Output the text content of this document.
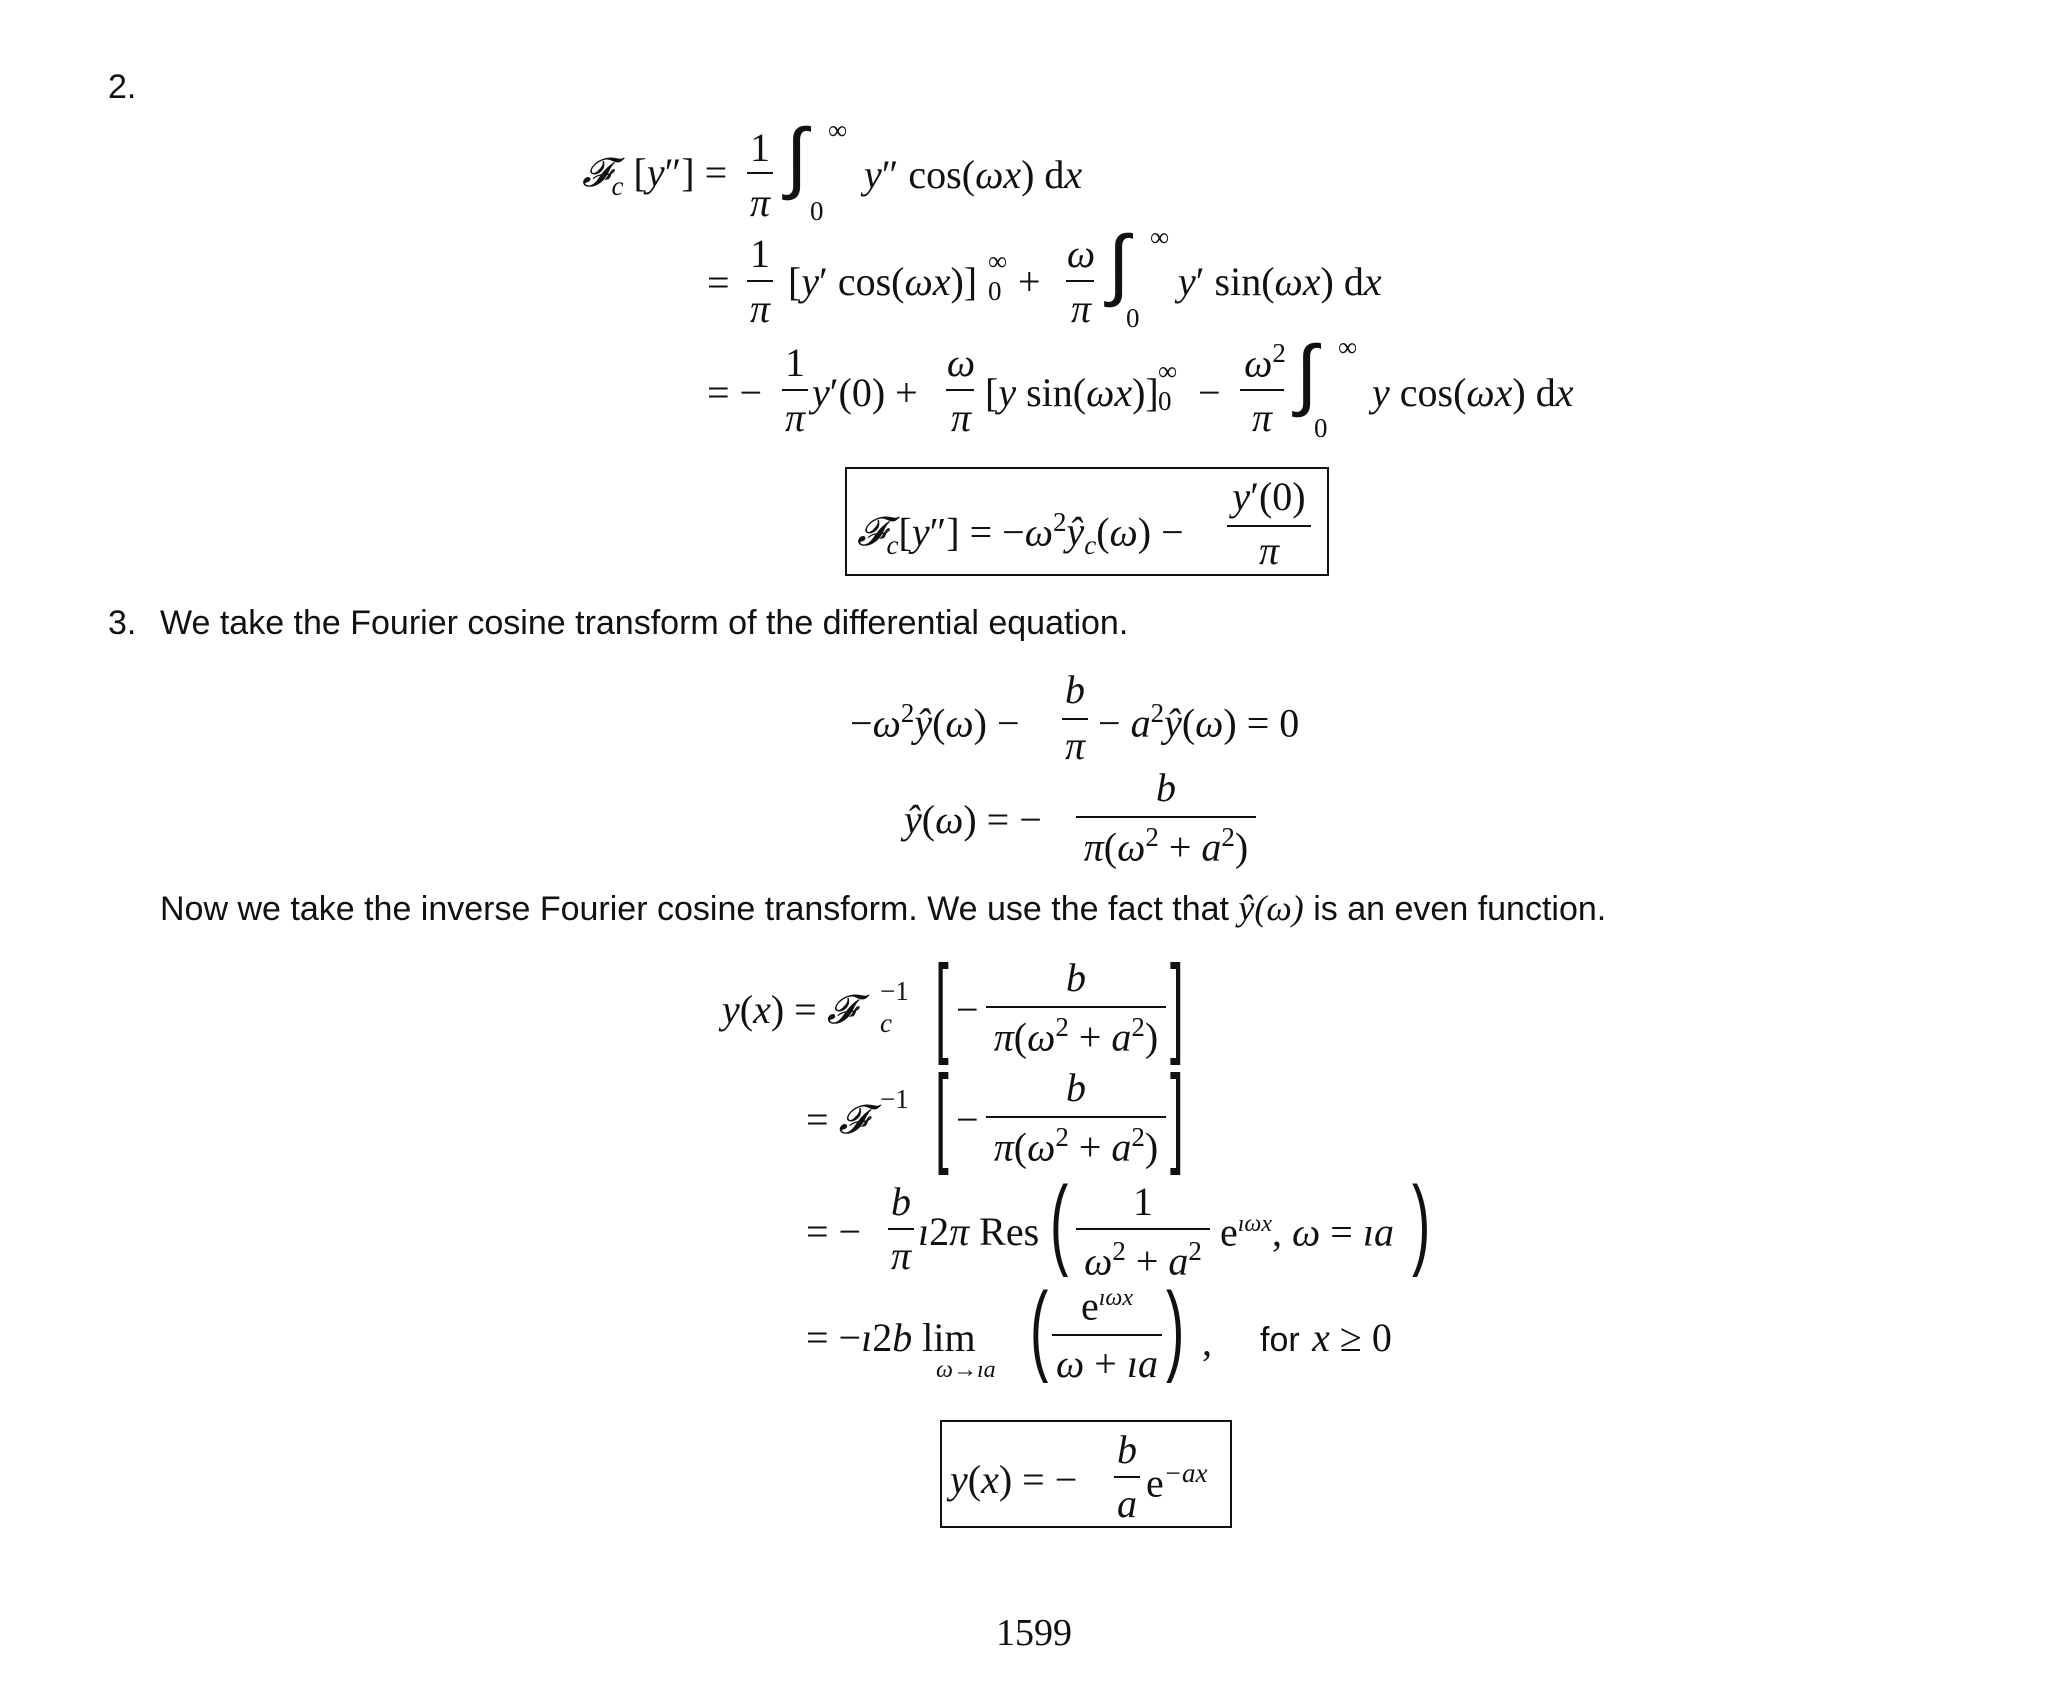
2.
𝓕$_c$ [y″] =
1
π
∫ ∞
0
y″ cos(ωx) dx
=
1
π
[y′ cos(ωx)] ∞
0 +
ω
π
∫ ∞
0
y′ sin(ωx) dx
= −
1
π
y′(0) +
ω
π
[y sin(ωx)] ∞
0 −
$\omega^2$
π
∫ ∞
0
y cos(ωx) dx
𝓕$_c$[y″] = $-\omega^2ŷ_c(\omega)$ −
y′(0)
π
3. We take the Fourier cosine transform of the differential equation.
$-\omega^2ŷ(\omega)$ −
b
π
− $a^2ŷ(\omega) = 0$
ŷ(ω) = −
b
$\pi(\omega^2 + a^2)$
Now we take the inverse Fourier cosine transform. We use the fact that ŷ(ω) is an even function.
y(x) = 𝓕 −1
c [ −
b
$\pi(\omega^2 + a^2)$ ]
= 𝓕 −1 [ −
b
$\pi(\omega^2 + a^2)$ ]
= −
b
π
ı2π Res (	1
$\omega^2 + a^2$ $e^{ı\omega x}$, ω = ıa )
= −ı2b lim
ω→ıa ( $e^{ı\omega x}$
ω + ıa ) , for x ≥ 0
y(x) = −
b
a $e^{-ax}$
1599
